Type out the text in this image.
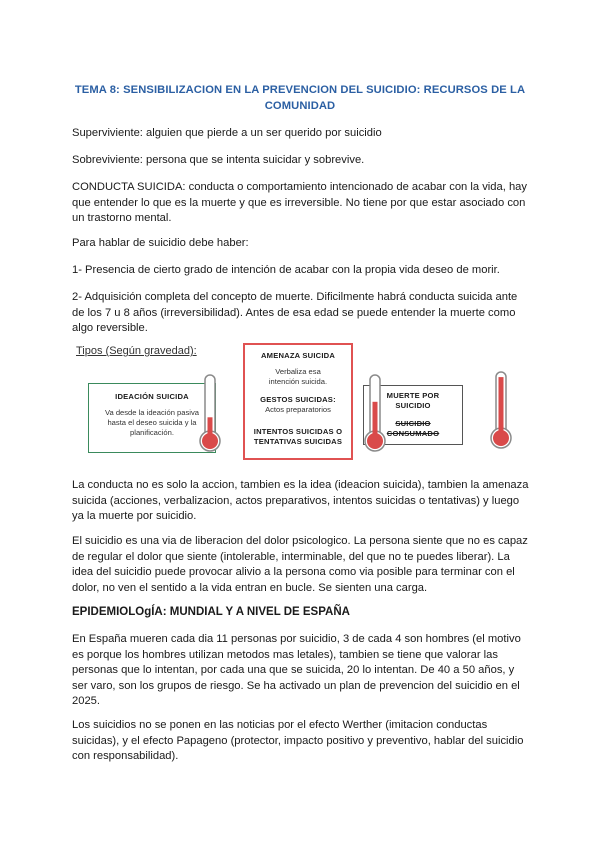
TEMA 8: SENSIBILIZACION EN LA PREVENCION DEL SUICIDIO: RECURSOS DE LA COMUNIDAD

Superviviente: alguien que pierde a un ser querido por suicidio

Sobreviviente: persona que se intenta suicidar y sobrevive.

CONDUCTA SUICIDA: conducta o comportamiento intencionado de acabar con la vida, hay que entender lo que es la muerte y que es irreversible. No tiene por que estar asociado con un trastorno mental.

Para hablar de suicidio debe haber:

1- Presencia de cierto grado de intención de acabar con la propia vida deseo de morir.

2- Adquisición completa del concepto de muerte. Dificilmente habrá conducta suicida ante de los 7 u 8 años (irreversibilidad). Antes de esa edad se puede entender la muerte como algo reversible.

Tipos (Según gravedad):
IDEACIÓN SUICIDA
Va desde la ideación pasiva hasta el deseo suicida y la planificación.
AMENAZA SUICIDA
Verbaliza esa intención suicida.
GESTOS SUICIDAS:
Actos preparatorios
INTENTOS SUICIDAS O TENTATIVAS SUICIDAS
MUERTE POR SUICIDIO
SUICIDIO CONSUMADO

La conducta no es solo la accion, tambien es la idea (ideacion suicida), tambien la amenaza suicida (acciones, verbalizacion, actos preparativos, intentos suicidas o tentativas) y luego ya la muerte por suicidio.

El suicidio es una via de liberacion del dolor psicologico. La persona siente que no es capaz de regular el dolor que siente (intolerable, interminable, del que no te puedes liberar). La idea del suicidio puede provocar alivio a la persona como via posible para terminar con el dolor, no ven el sentido a la vida entran en bucle. Se sienten una carga.

EPIDEMIOLOgÍA: MUNDIAL Y A NIVEL DE ESPAÑA

En España mueren cada dia 11 personas por suicidio, 3 de cada 4 son hombres (el motivo es porque los hombres utilizan metodos mas letales), tambien se tiene que valorar las personas que lo intentan, por cada una que se suicida, 20 lo intentan. De 40 a 50 años, y ser varo, son los grupos de riesgo. Se ha activado un plan de prevencion del suicidio en el 2025.

Los suicidios no se ponen en las noticias por el efecto Werther (imitacion conductas suicidas), y el efecto Papageno (protector, impacto positivo y preventivo, hablar del suicidio con responsabilidad).
